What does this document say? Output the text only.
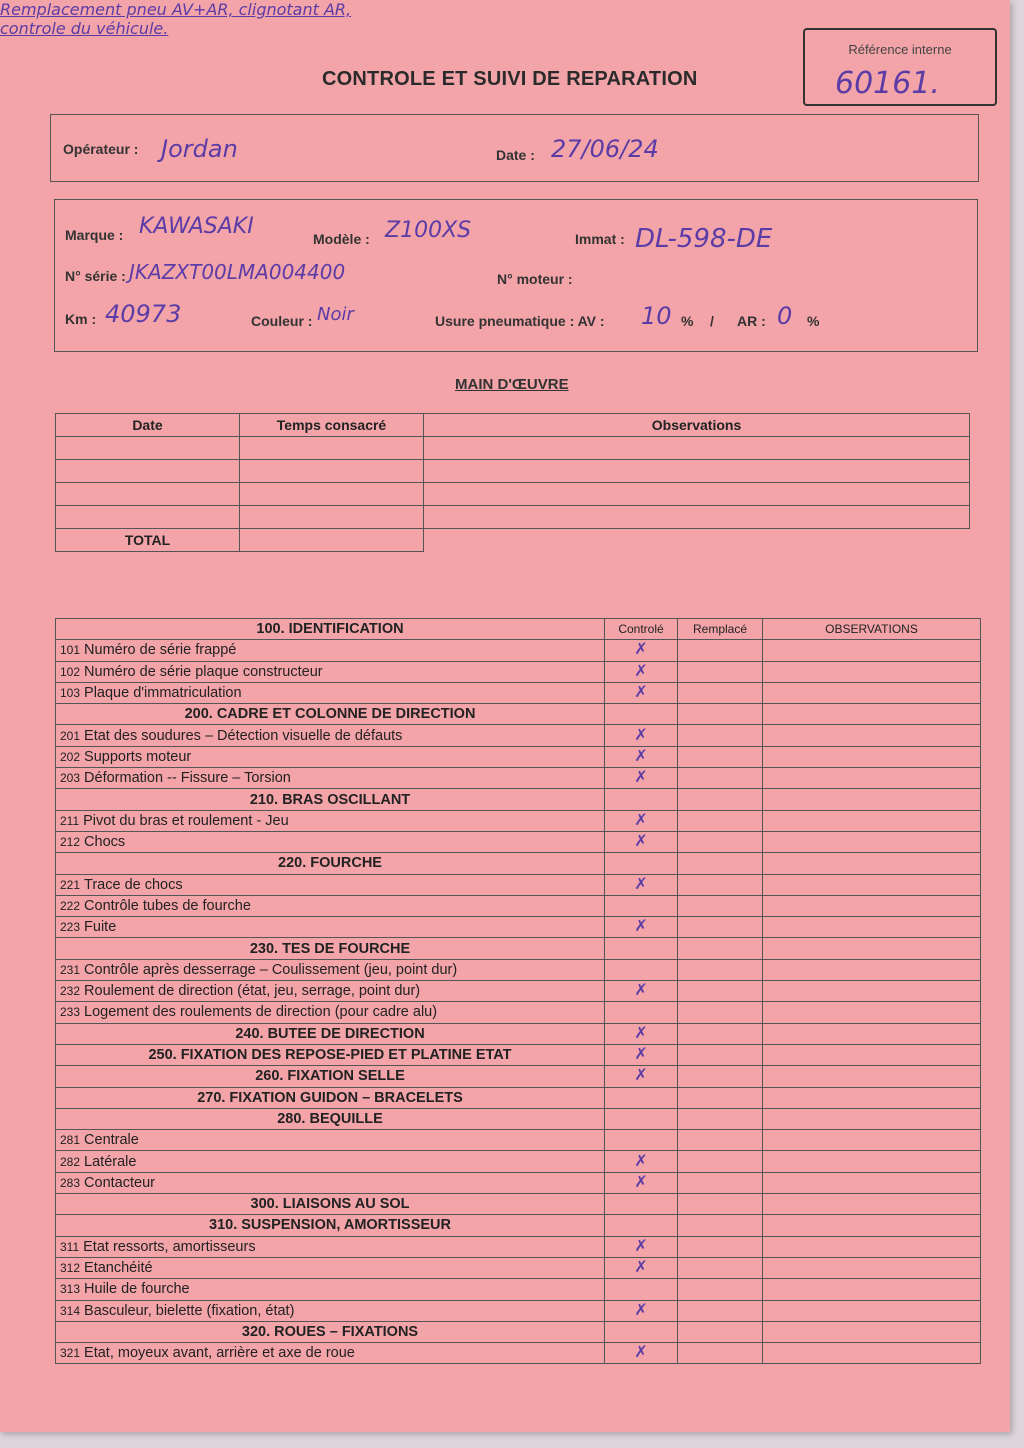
CONTROLE ET SUIVI DE REPARATION
Référence interne
60161.
Opérateur : Jordan	Date : 27/06/24
Marque : KAWASAKI	Modèle : Z100XS	Immat : DL-598-DE
N° série : JKAZXT00LMA004400	N° moteur :
Km : 40973	Couleur : Noir	Usure pneumatique : AV : 10 % / AR : 0 %
MAIN D'ŒUVRE
Date	Temps consacré	Observations

TOTAL		
Remplacement pneu AV+AR, clignotant AR,
controle du véhicule.
100. IDENTIFICATION	Controlé	Remplacé	OBSERVATIONS
101 Numéro de série frappé	✗		
102 Numéro de série plaque constructeur	✗		
103 Plaque d'immatriculation	✗		
200. CADRE ET COLONNE DE DIRECTION			
201 Etat des soudures – Détection visuelle de défauts	✗		
202 Supports moteur	✗		
203 Déformation -- Fissure – Torsion	✗		
210. BRAS OSCILLANT			
211 Pivot du bras et roulement - Jeu	✗		
212 Chocs	✗		
220. FOURCHE			
221 Trace de chocs	✗		
222 Contrôle tubes de fourche			
223 Fuite	✗		
230. TES DE FOURCHE			
231 Contrôle après desserrage – Coulissement (jeu, point dur)			
232 Roulement de direction (état, jeu, serrage, point dur)	✗		
233 Logement des roulements de direction (pour cadre alu)			
240. BUTEE DE DIRECTION	✗		
250. FIXATION DES REPOSE-PIED ET PLATINE ETAT	✗		
260. FIXATION SELLE	✗		
270. FIXATION GUIDON – BRACELETS			
280. BEQUILLE			
281 Centrale			
282 Latérale	✗		
283 Contacteur	✗		
300. LIAISONS AU SOL			
310. SUSPENSION, AMORTISSEUR			
311 Etat ressorts, amortisseurs	✗		
312 Etanchéité	✗		
313 Huile de fourche			
314 Basculeur, bielette (fixation, état)	✗		
320. ROUES – FIXATIONS			
321 Etat, moyeux avant, arrière et axe de roue	✗		
